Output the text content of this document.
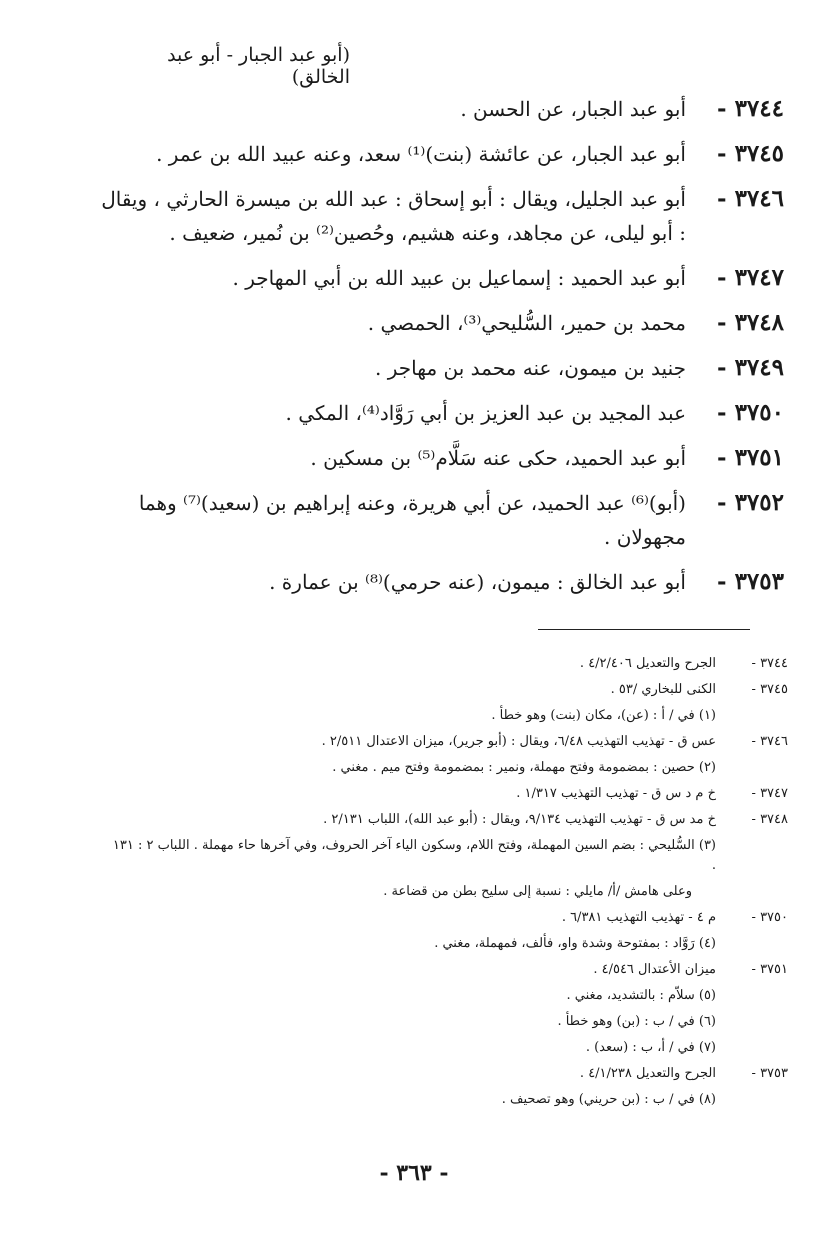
(أبو عبد الجبار - أبو عبد الخالق)
٣٧٤٤ -
أبو عبد الجبار، عن الحسن .
٣٧٤٥ -
أبو عبد الجبار، عن عائشة (بنت)⁽¹⁾ سعد، وعنه عبيد الله بن عمر .
٣٧٤٦ -
أبو عبد الجليل، ويقال : أبو إسحاق : عبد الله بن ميسرة الحارثي ، ويقال : أبو ليلى، عن مجاهد، وعنه هشيم، وحُصين⁽²⁾ بن نُمير، ضعيف .
٣٧٤٧ -
أبو عبد الحميد : إسماعيل بن عبيد الله بن أبي المهاجر .
٣٧٤٨ -
محمد بن حمير، السُّليحي⁽³⁾، الحمصي .
٣٧٤٩ -
جنيد بن ميمون، عنه محمد بن مهاجر .
٣٧٥٠ -
عبد المجيد بن عبد العزيز بن أبي رَوَّاد⁽⁴⁾، المكي .
٣٧٥١ -
أبو عبد الحميد، حكى عنه سَلَّام⁽⁵⁾ بن مسكين .
٣٧٥٢ -
(أبو)⁽⁶⁾ عبد الحميد، عن أبي هريرة، وعنه إبراهيم بن (سعيد)⁽⁷⁾ وهما مجهولان .
٣٧٥٣ -
أبو عبد الخالق : ميمون، (عنه حرمي)⁽⁸⁾ بن عمارة .
٣٧٤٤ -
الجرح والتعديل ٤/٢/٤٠٦ .
٣٧٤٥ -
الكنى للبخاري /٥٣ .
(١) في / أ : (عن)، مكان (بنت) وهو خطأ .
٣٧٤٦ -
عس ق - تهذيب التهذيب ٦/٤٨، ويقال : (أبو جرير)، ميزان الاعتدال ٢/٥١١ .
(٢) حصين : بمضمومة وفتح مهملة، ونمير : بمضمومة وفتح ميم . مغني .
٣٧٤٧ -
خ م د س ق - تهذيب التهذيب ١/٣١٧ .
٣٧٤٨ -
خ مد س ق - تهذيب التهذيب ٩/١٣٤، ويقال : (أبو عبد الله)، اللباب ٢/١٣١ .
(٣) السُّليحي : بضم السين المهملة، وفتح اللام، وسكون الياء آخر الحروف، وفي آخرها حاء مهملة . اللباب ٢ : ١٣١ .
وعلى هامش /أ/ مايلي : نسبة إلى سليح بطن من قضاعة .
٣٧٥٠ -
م ٤ - تهذيب التهذيب ٦/٣٨١ .
(٤) رَوَّاد : بمفتوحة وشدة واو، فألف، فمهملة، مغني .
٣٧٥١ -
ميزان الأعتدال ٤/٥٤٦ .
(٥) سلاّم : بالتشديد، مغني .
(٦) في / ب : (بن) وهو خطأ .
(٧) في / أ، ب : (سعد) .
٣٧٥٣ -
الجرح والتعديل ٤/١/٢٣٨ .
(٨) في / ب : (بن حريني) وهو تصحيف .
- ٣٦٣ -
